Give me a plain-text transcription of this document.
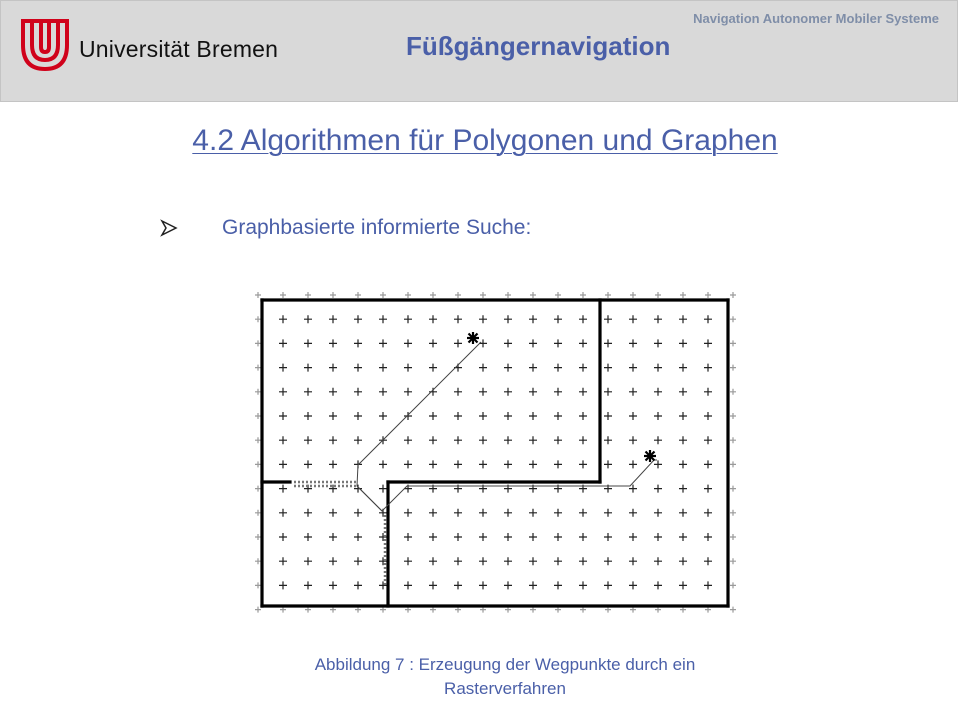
Universität Bremen
Navigation Autonomer Mobiler Systeme
Füßgängernavigation
4.2 Algorithmen für Polygonen und Graphen
Graphbasierte informierte Suche:
Abbildung 7 : Erzeugung der Wegpunkte durch ein Rasterverfahren
